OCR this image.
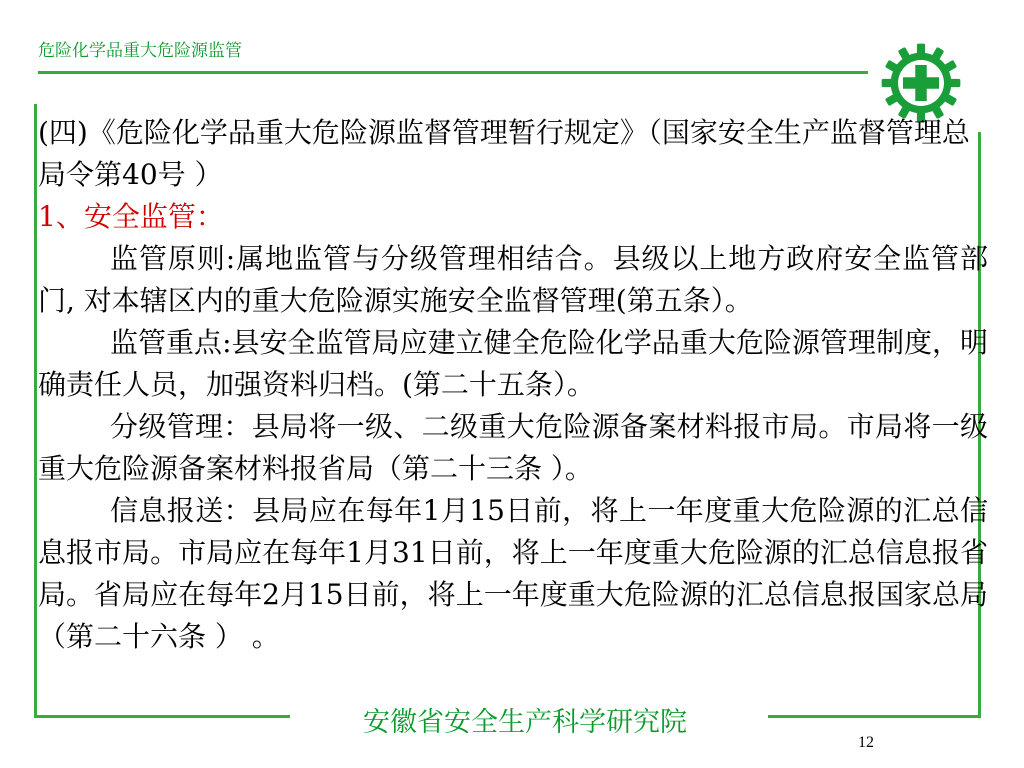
危险化学品重大危险源监管

(四)《危险化学品重大危险源监督管理暂行规定》（国家安全生产监督管理总局令第40号 ）

1、安全监管：

监管原则:属地监管与分级管理相结合。县级以上地方政府安全监管部门, 对本辖区内的重大危险源实施安全监督管理(第五条）。

监管重点:县安全监管局应建立健全危险化学品重大危险源管理制度，明确责任人员，加强资料归档。(第二十五条）。

分级管理：县局将一级、二级重大危险源备案材料报市局。市局将一级重大危险源备案材料报省局（第二十三条 ）。

信息报送：县局应在每年1月15日前，将上一年度重大危险源的汇总信息报市局。市局应在每年1月31日前，将上一年度重大危险源的汇总信息报省局。省局应在每年2月15日前，将上一年度重大危险源的汇总信息报国家总局（第二十六条 ） 。

安徽省安全生产科学研究院
12
